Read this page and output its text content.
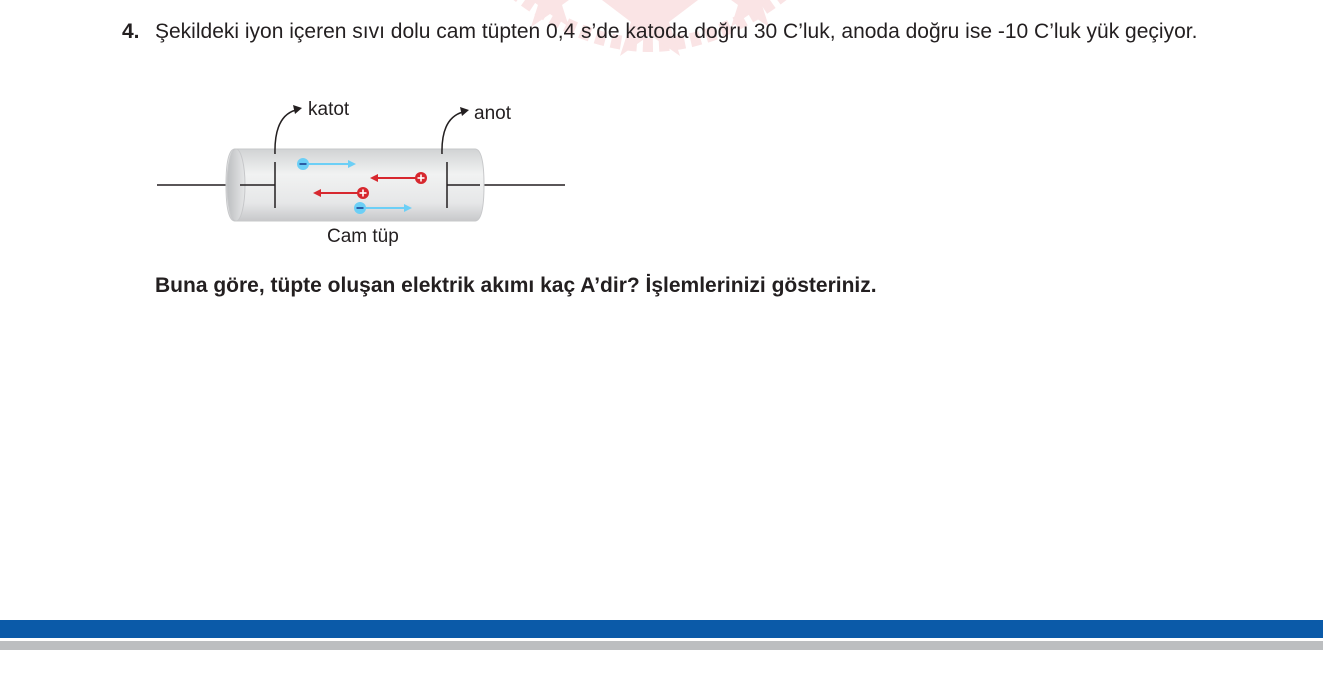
4. Şekildeki iyon içeren sıvı dolu cam tüpten 0,4 s’de katoda doğru 30 C’luk, anoda doğru ise -10 C’luk yük geçiyor.
katot	anot
Cam tüp
Buna göre, tüpte oluşan elektrik akımı kaç A’dir? İşlemlerinizi gösteriniz.
